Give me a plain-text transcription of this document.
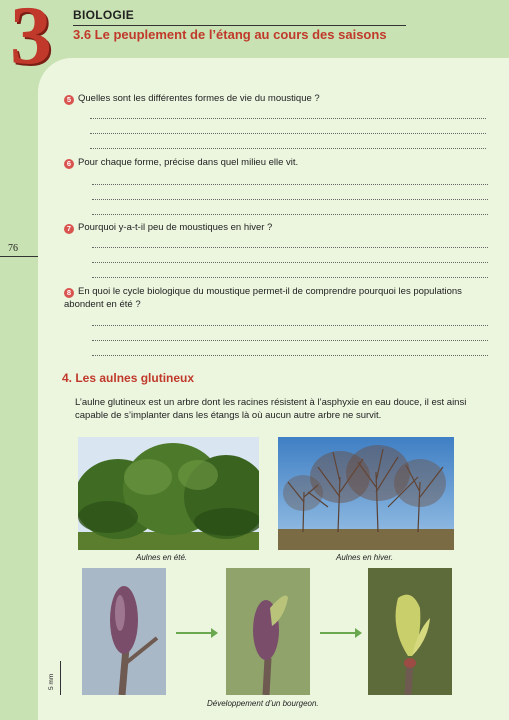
3 BIOLOGIE
3.6 Le peuplement de l’étang au cours des saisons
76
5 Quelles sont les différentes formes de vie du moustique ?
6 Pour chaque forme, précise dans quel milieu elle vit.
7 Pourquoi y-a-t-il peu de moustiques en hiver ?
8 En quoi le cycle biologique du moustique permet-il de comprendre pourquoi les populations abondent en été ?
4. Les aulnes glutineux
L’aulne glutineux est un arbre dont les racines résistent à l’asphyxie en eau douce, il est ainsi capable de s’implanter dans les étangs là où aucun autre arbre ne survit.
Aulnes en été.	Aulnes en hiver.
5 mm
Développement d’un bourgeon.
